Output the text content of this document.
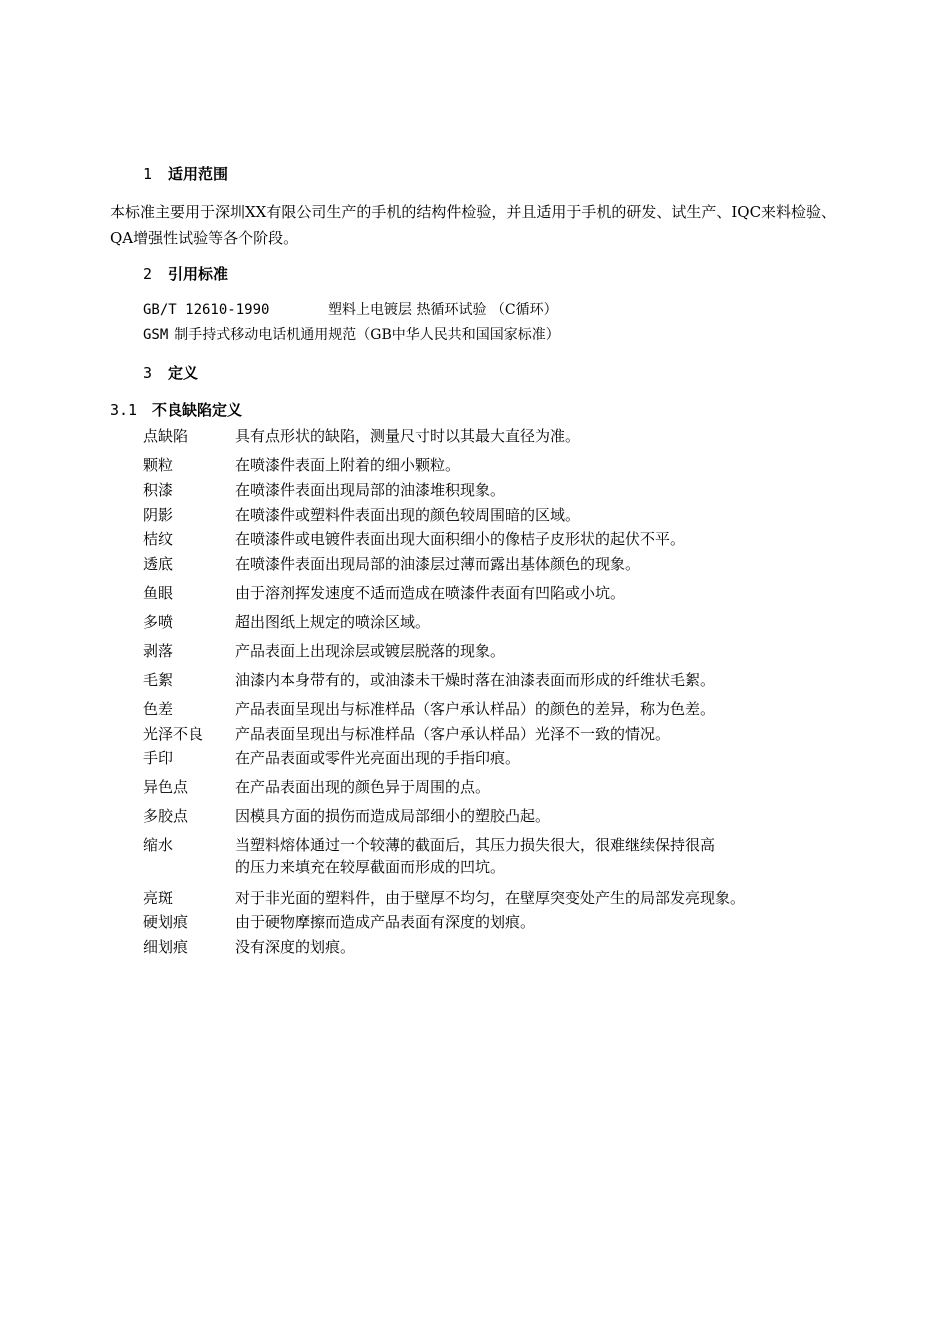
1 适用范围
本标准主要用于深圳XX有限公司生产的手机的结构件检验，并且适用于手机的研发、试生产、IQC来料检验、QA增强性试验等各个阶段。
2 引用标准
GB/T 12610-1990	塑料上电镀层 热循环试验 （C循环）
GSM 制手持式移动电话机通用规范（GB中华人民共和国国家标准）
3 定义
3.1 不良缺陷定义
点缺陷	具有点形状的缺陷，测量尺寸时以其最大直径为准。
颗粒	在喷漆件表面上附着的细小颗粒。
积漆	在喷漆件表面出现局部的油漆堆积现象。
阴影	在喷漆件或塑料件表面出现的颜色较周围暗的区域。
桔纹	在喷漆件或电镀件表面出现大面积细小的像桔子皮形状的起伏不平。
透底	在喷漆件表面出现局部的油漆层过薄而露出基体颜色的现象。
鱼眼	由于溶剂挥发速度不适而造成在喷漆件表面有凹陷或小坑。
多喷	超出图纸上规定的喷涂区域。
剥落	产品表面上出现涂层或镀层脱落的现象。
毛絮	油漆内本身带有的，或油漆未干燥时落在油漆表面而形成的纤维状毛絮。
色差	产品表面呈现出与标准样品（客户承认样品）的颜色的差异，称为色差。
光泽不良 产品表面呈现出与标准样品（客户承认样品）光泽不一致的情况。
手印	在产品表面或零件光亮面出现的手指印痕。
异色点	在产品表面出现的颜色异于周围的点。
多胶点	因模具方面的损伤而造成局部细小的塑胶凸起。
缩水	当塑料熔体通过一个较薄的截面后，其压力损失很大，很难继续保持很高
的压力来填充在较厚截面而形成的凹坑。
亮斑	对于非光面的塑料件，由于壁厚不均匀，在壁厚突变处产生的局部发亮现象。
硬划痕	由于硬物摩擦而造成产品表面有深度的划痕。
细划痕	没有深度的划痕。
